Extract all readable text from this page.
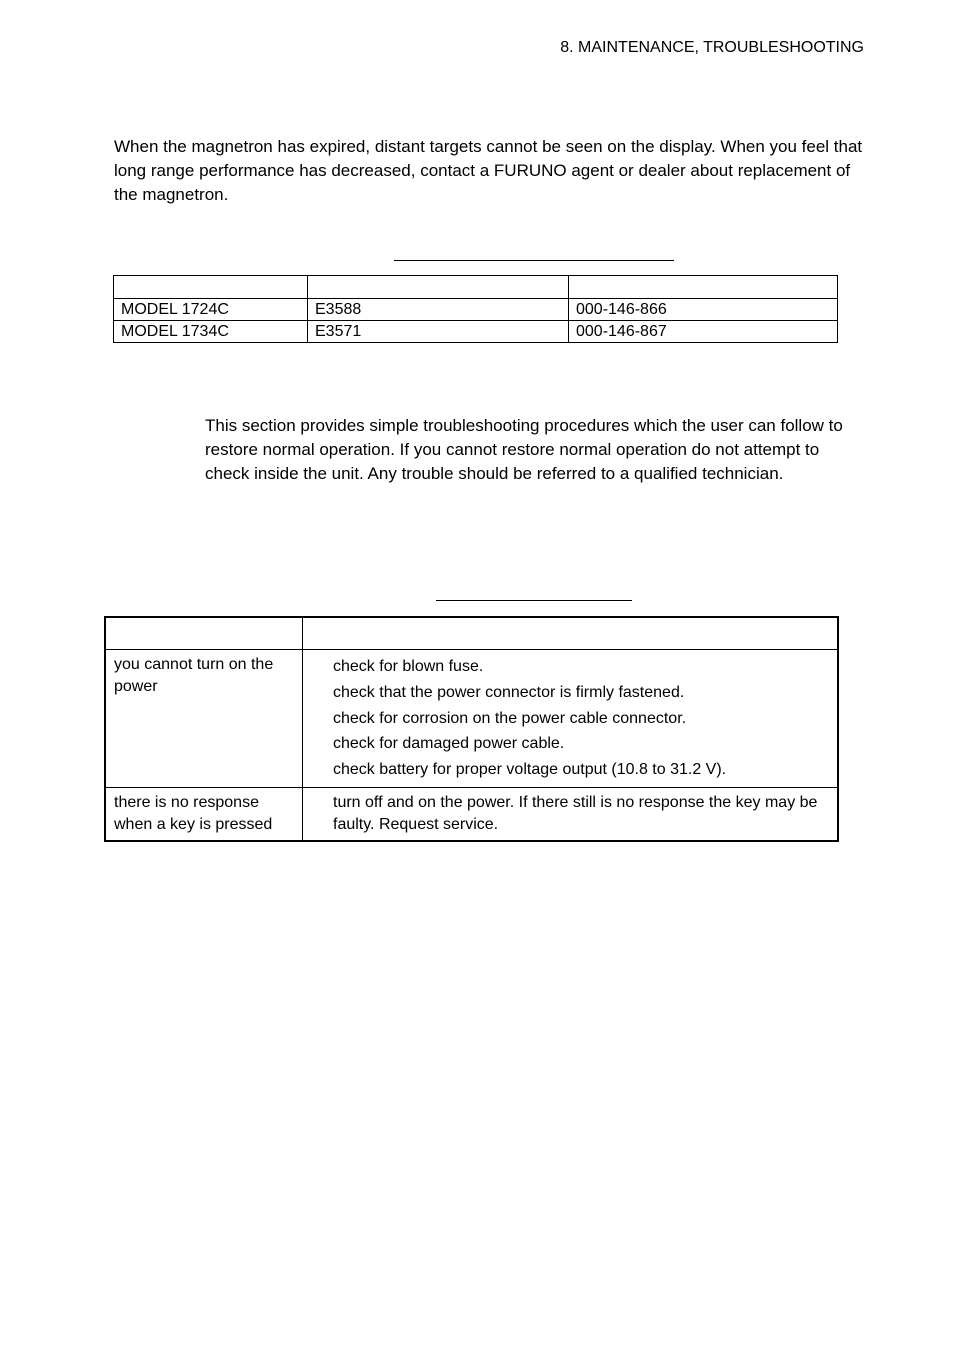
8. MAINTENANCE, TROUBLESHOOTING
When the magnetron has expired, distant targets cannot be seen on the display. When you feel that long range performance has decreased, contact a FURUNO agent or dealer about replacement of the magnetron.

MODEL 1724C	E3588	000-146-866
MODEL 1734C	E3571	000-146-867
This section provides simple troubleshooting procedures which the user can follow to restore normal operation. If you cannot restore normal operation do not attempt to check inside the unit. Any trouble should be referred to a qualified technician.

you cannot turn on the power	check for blown fuse.
check that the power connector is firmly fastened.
check for corrosion on the power cable connector.
check for damaged power cable.
check battery for proper voltage output (10.8 to 31.2 V).

there is no response when a key is pressed	turn off and on the power. If there still is no response the key may be faulty. Request service.
